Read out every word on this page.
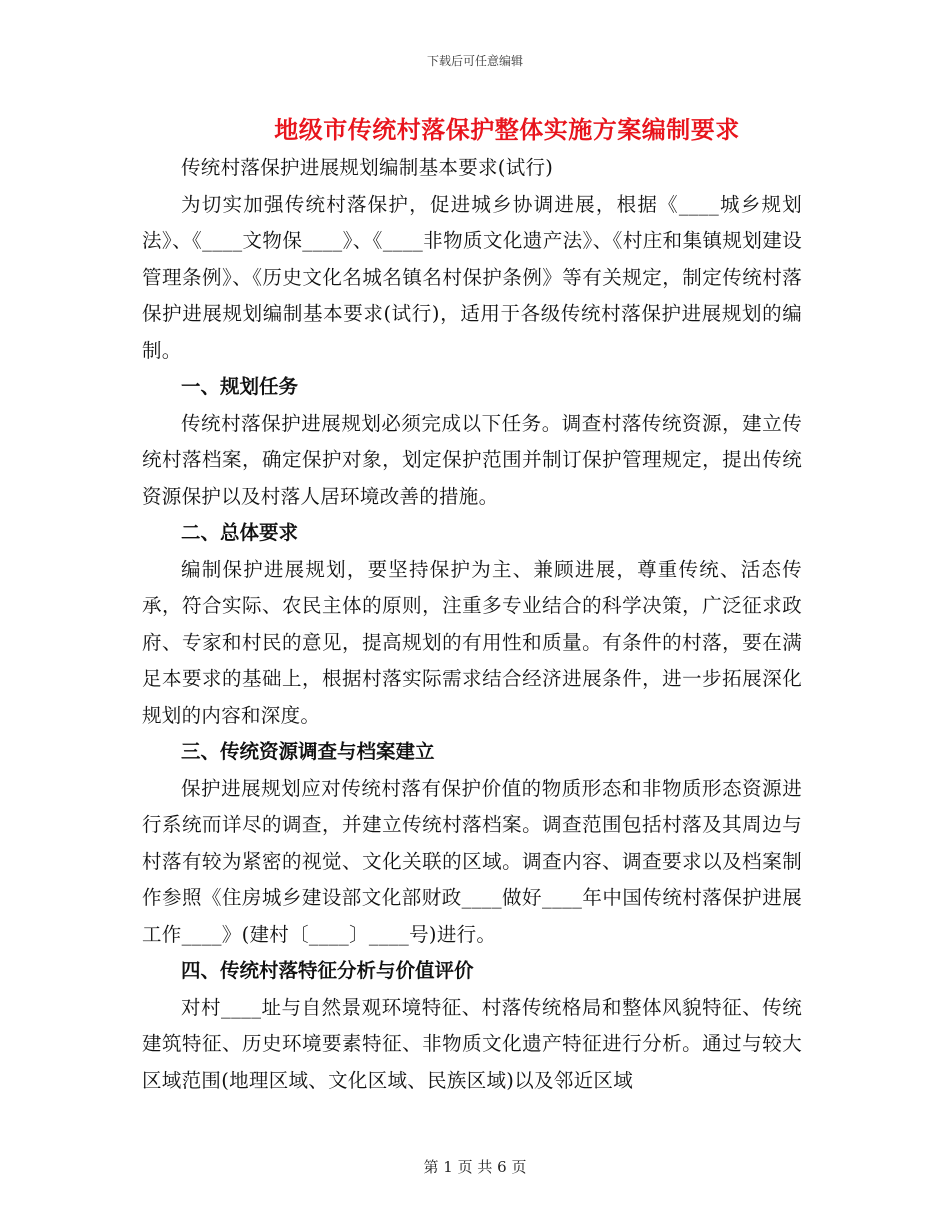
下载后可任意编辑
地级市传统村落保护整体实施方案编制要求

传统村落保护进展规划编制基本要求(试行)

为切实加强传统村落保护，促进城乡协调进展，根据《____城乡规划法》、《____文物保____》、《____非物质文化遗产法》、《村庄和集镇规划建设管理条例》、《历史文化名城名镇名村保护条例》等有关规定，制定传统村落保护进展规划编制基本要求(试行)，适用于各级传统村落保护进展规划的编制。

一、规划任务

传统村落保护进展规划必须完成以下任务。调查村落传统资源，建立传统村落档案，确定保护对象，划定保护范围并制订保护管理规定，提出传统资源保护以及村落人居环境改善的措施。

二、总体要求

编制保护进展规划，要坚持保护为主、兼顾进展，尊重传统、活态传承，符合实际、农民主体的原则，注重多专业结合的科学决策，广泛征求政府、专家和村民的意见，提高规划的有用性和质量。有条件的村落，要在满足本要求的基础上，根据村落实际需求结合经济进展条件，进一步拓展深化规划的内容和深度。

三、传统资源调查与档案建立

保护进展规划应对传统村落有保护价值的物质形态和非物质形态资源进行系统而详尽的调查，并建立传统村落档案。调查范围包括村落及其周边与村落有较为紧密的视觉、文化关联的区域。调查内容、调查要求以及档案制作参照《住房城乡建设部文化部财政____做好____年中国传统村落保护进展工作____》(建村〔____〕____号)进行。

四、传统村落特征分析与价值评价

对村____址与自然景观环境特征、村落传统格局和整体风貌特征、传统建筑特征、历史环境要素特征、非物质文化遗产特征进行分析。通过与较大区域范围(地理区域、文化区域、民族区域)以及邻近区域

第 1 页 共 6 页
